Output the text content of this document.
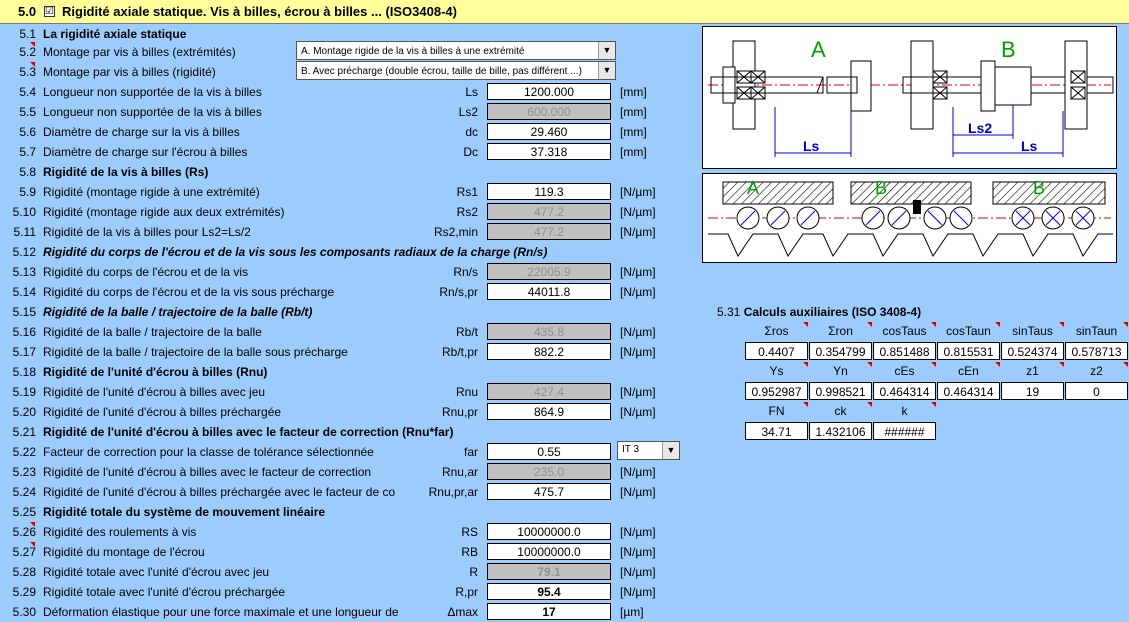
5.0 ☑ Rigidité axiale statique. Vis à billes, écrou à billes ... (ISO3408-4)
5.1 La rigidité axiale statique
5.2 Montage par vis à billes (extrémités)	A. Montage rigide de la vis à billes à une extrémité	▼
5.3 Montage par vis à billes (rigidité)	B. Avec précharge (double écrou, taille de bille, pas différent ...)	▼
5.4 Longueur non supportée de la vis à billes	Ls	1200.000	[mm]
5.5 Longueur non supportée de la vis à billes	Ls2	600.000	[mm]
5.6 Diamètre de charge sur la vis à billes	dc	29.460	[mm]
5.7 Diamètre de charge sur l'écrou à billes	Dc	37.318	[mm]
5.8 Rigidité de la vis à billes (Rs)
5.9 Rigidité (montage rigide à une extrémité)	Rs1	119.3	[N/µm]
5.10 Rigidité (montage rigide aux deux extrémités)	Rs2	477.2	[N/µm]
5.11 Rigidité de la vis à billes pour Ls2=Ls/2	Rs2,min	477.2	[N/µm]
5.12 Rigidité du corps de l'écrou et de la vis sous les composants radiaux de la charge (Rn/s)
5.13 Rigidité du corps de l'écrou et de la vis	Rn/s	22005.9	[N/µm]
5.14 Rigidité du corps de l'écrou et de la vis sous précharge	Rn/s,pr	44011.8	[N/µm]
5.15 Rigidité de la balle / trajectoire de la balle (Rb/t)
5.16 Rigidité de la balle / trajectoire de la balle	Rb/t	435.8	[N/µm]
5.17 Rigidité de la balle / trajectoire de la balle sous précharge	Rb/t,pr	882.2	[N/µm]
5.18 Rigidité de l'unité d'écrou à billes (Rnu)
5.19 Rigidité de l'unité d'écrou à billes avec jeu	Rnu	427.4	[N/µm]
5.20 Rigidité de l'unité d'écrou à billes préchargée	Rnu,pr	864.9	[N/µm]
5.21 Rigidité de l'unité d'écrou à billes avec le facteur de correction (Rnu*far)
5.22 Facteur de correction pour la classe de tolérance sélectionnée	far	0.55	IT 3	▼
5.23 Rigidité de l'unité d'écrou à billes avec le facteur de correction	Rnu,ar	235.0	[N/µm]
5.24 Rigidité de l'unité d'écrou à billes préchargée avec le facteur de co	Rnu,pr,ar	475.7	[N/µm]
5.25 Rigidité totale du système de mouvement linéaire
5.26 Rigidité des roulements à vis	RS	10000000.0	[N/µm]
5.27 Rigidité du montage de l'écrou	RB	10000000.0	[N/µm]
5.28 Rigidité totale avec l'unité d'écrou avec jeu	R	79.1	[N/µm]
5.29 Rigidité totale avec l'unité d'écrou préchargée	R,pr	95.4	[N/µm]
5.30 Déformation élastique pour une force maximale et une longueur de	Δmax	17	[µm]
A	B
Ls
Ls2
Ls
A	B	B
5.31 Calculs auxiliaires (ISO 3408-4)
Σros	Σron	cosTaus	cosTaun	sinTaus	sinTaun
0.4407	0.354799	0.851488	0.815531	0.524374	0.578713
Ys	Yn	cEs	cEn	z1	z2
0.952987	0.998521	0.464314	0.464314	19	0
FN	ck	k
34.71	1.432106	######
